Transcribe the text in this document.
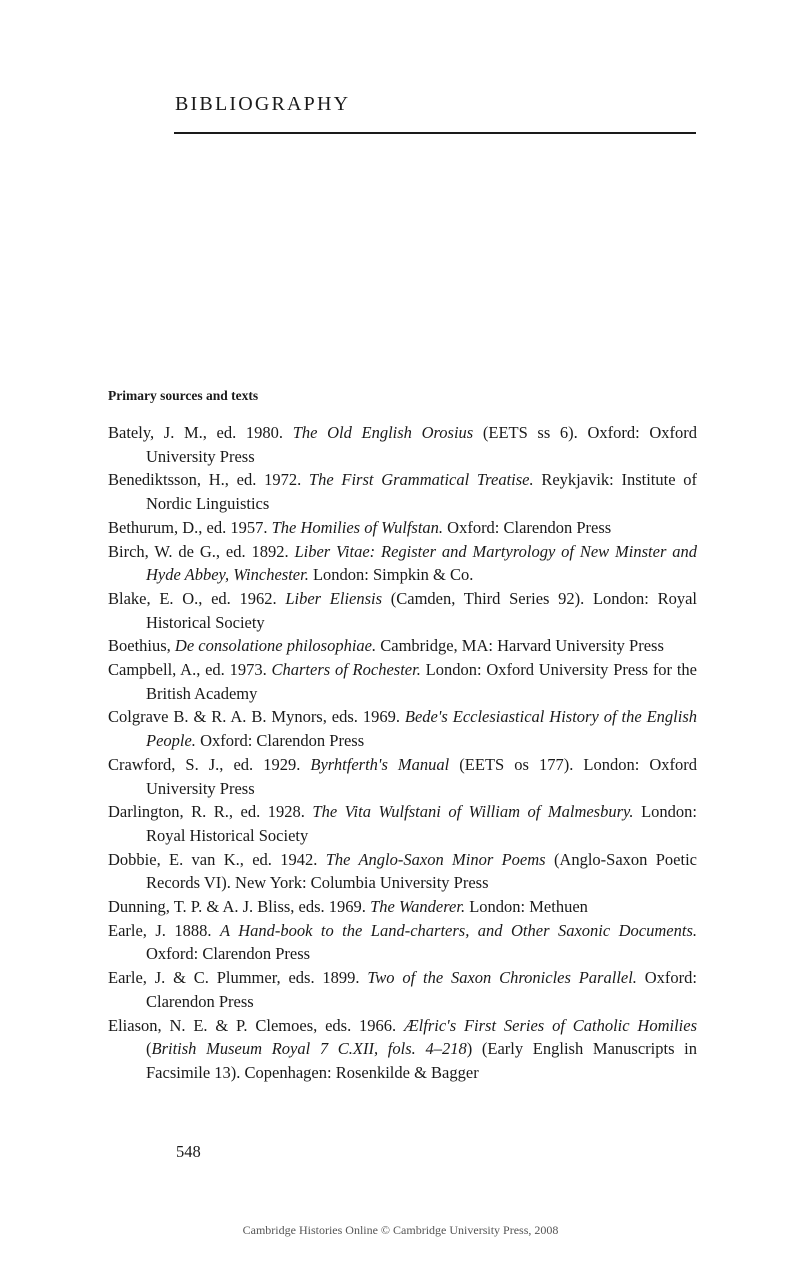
BIBLIOGRAPHY
Primary sources and texts
Bately, J. M., ed. 1980. The Old English Orosius (EETS ss 6). Oxford: Oxford University Press
Benediktsson, H., ed. 1972. The First Grammatical Treatise. Reykjavik: Institute of Nordic Linguistics
Bethurum, D., ed. 1957. The Homilies of Wulfstan. Oxford: Clarendon Press
Birch, W. de G., ed. 1892. Liber Vitae: Register and Martyrology of New Minster and Hyde Abbey, Winchester. London: Simpkin & Co.
Blake, E. O., ed. 1962. Liber Eliensis (Camden, Third Series 92). London: Royal Historical Society
Boethius, De consolatione philosophiae. Cambridge, MA: Harvard University Press
Campbell, A., ed. 1973. Charters of Rochester. London: Oxford University Press for the British Academy
Colgrave B. & R. A. B. Mynors, eds. 1969. Bede's Ecclesiastical History of the English People. Oxford: Clarendon Press
Crawford, S. J., ed. 1929. Byrhtferth's Manual (EETS os 177). London: Oxford University Press
Darlington, R. R., ed. 1928. The Vita Wulfstani of William of Malmesbury. London: Royal Historical Society
Dobbie, E. van K., ed. 1942. The Anglo-Saxon Minor Poems (Anglo-Saxon Poetic Records VI). New York: Columbia University Press
Dunning, T. P. & A. J. Bliss, eds. 1969. The Wanderer. London: Methuen
Earle, J. 1888. A Hand-book to the Land-charters, and Other Saxonic Documents. Oxford: Clarendon Press
Earle, J. & C. Plummer, eds. 1899. Two of the Saxon Chronicles Parallel. Oxford: Clarendon Press
Eliason, N. E. & P. Clemoes, eds. 1966. Ælfric's First Series of Catholic Homilies (British Museum Royal 7 C.XII, fols. 4–218) (Early English Manuscripts in Facsimile 13). Copenhagen: Rosenkilde & Bagger

548

Cambridge Histories Online © Cambridge University Press, 2008
